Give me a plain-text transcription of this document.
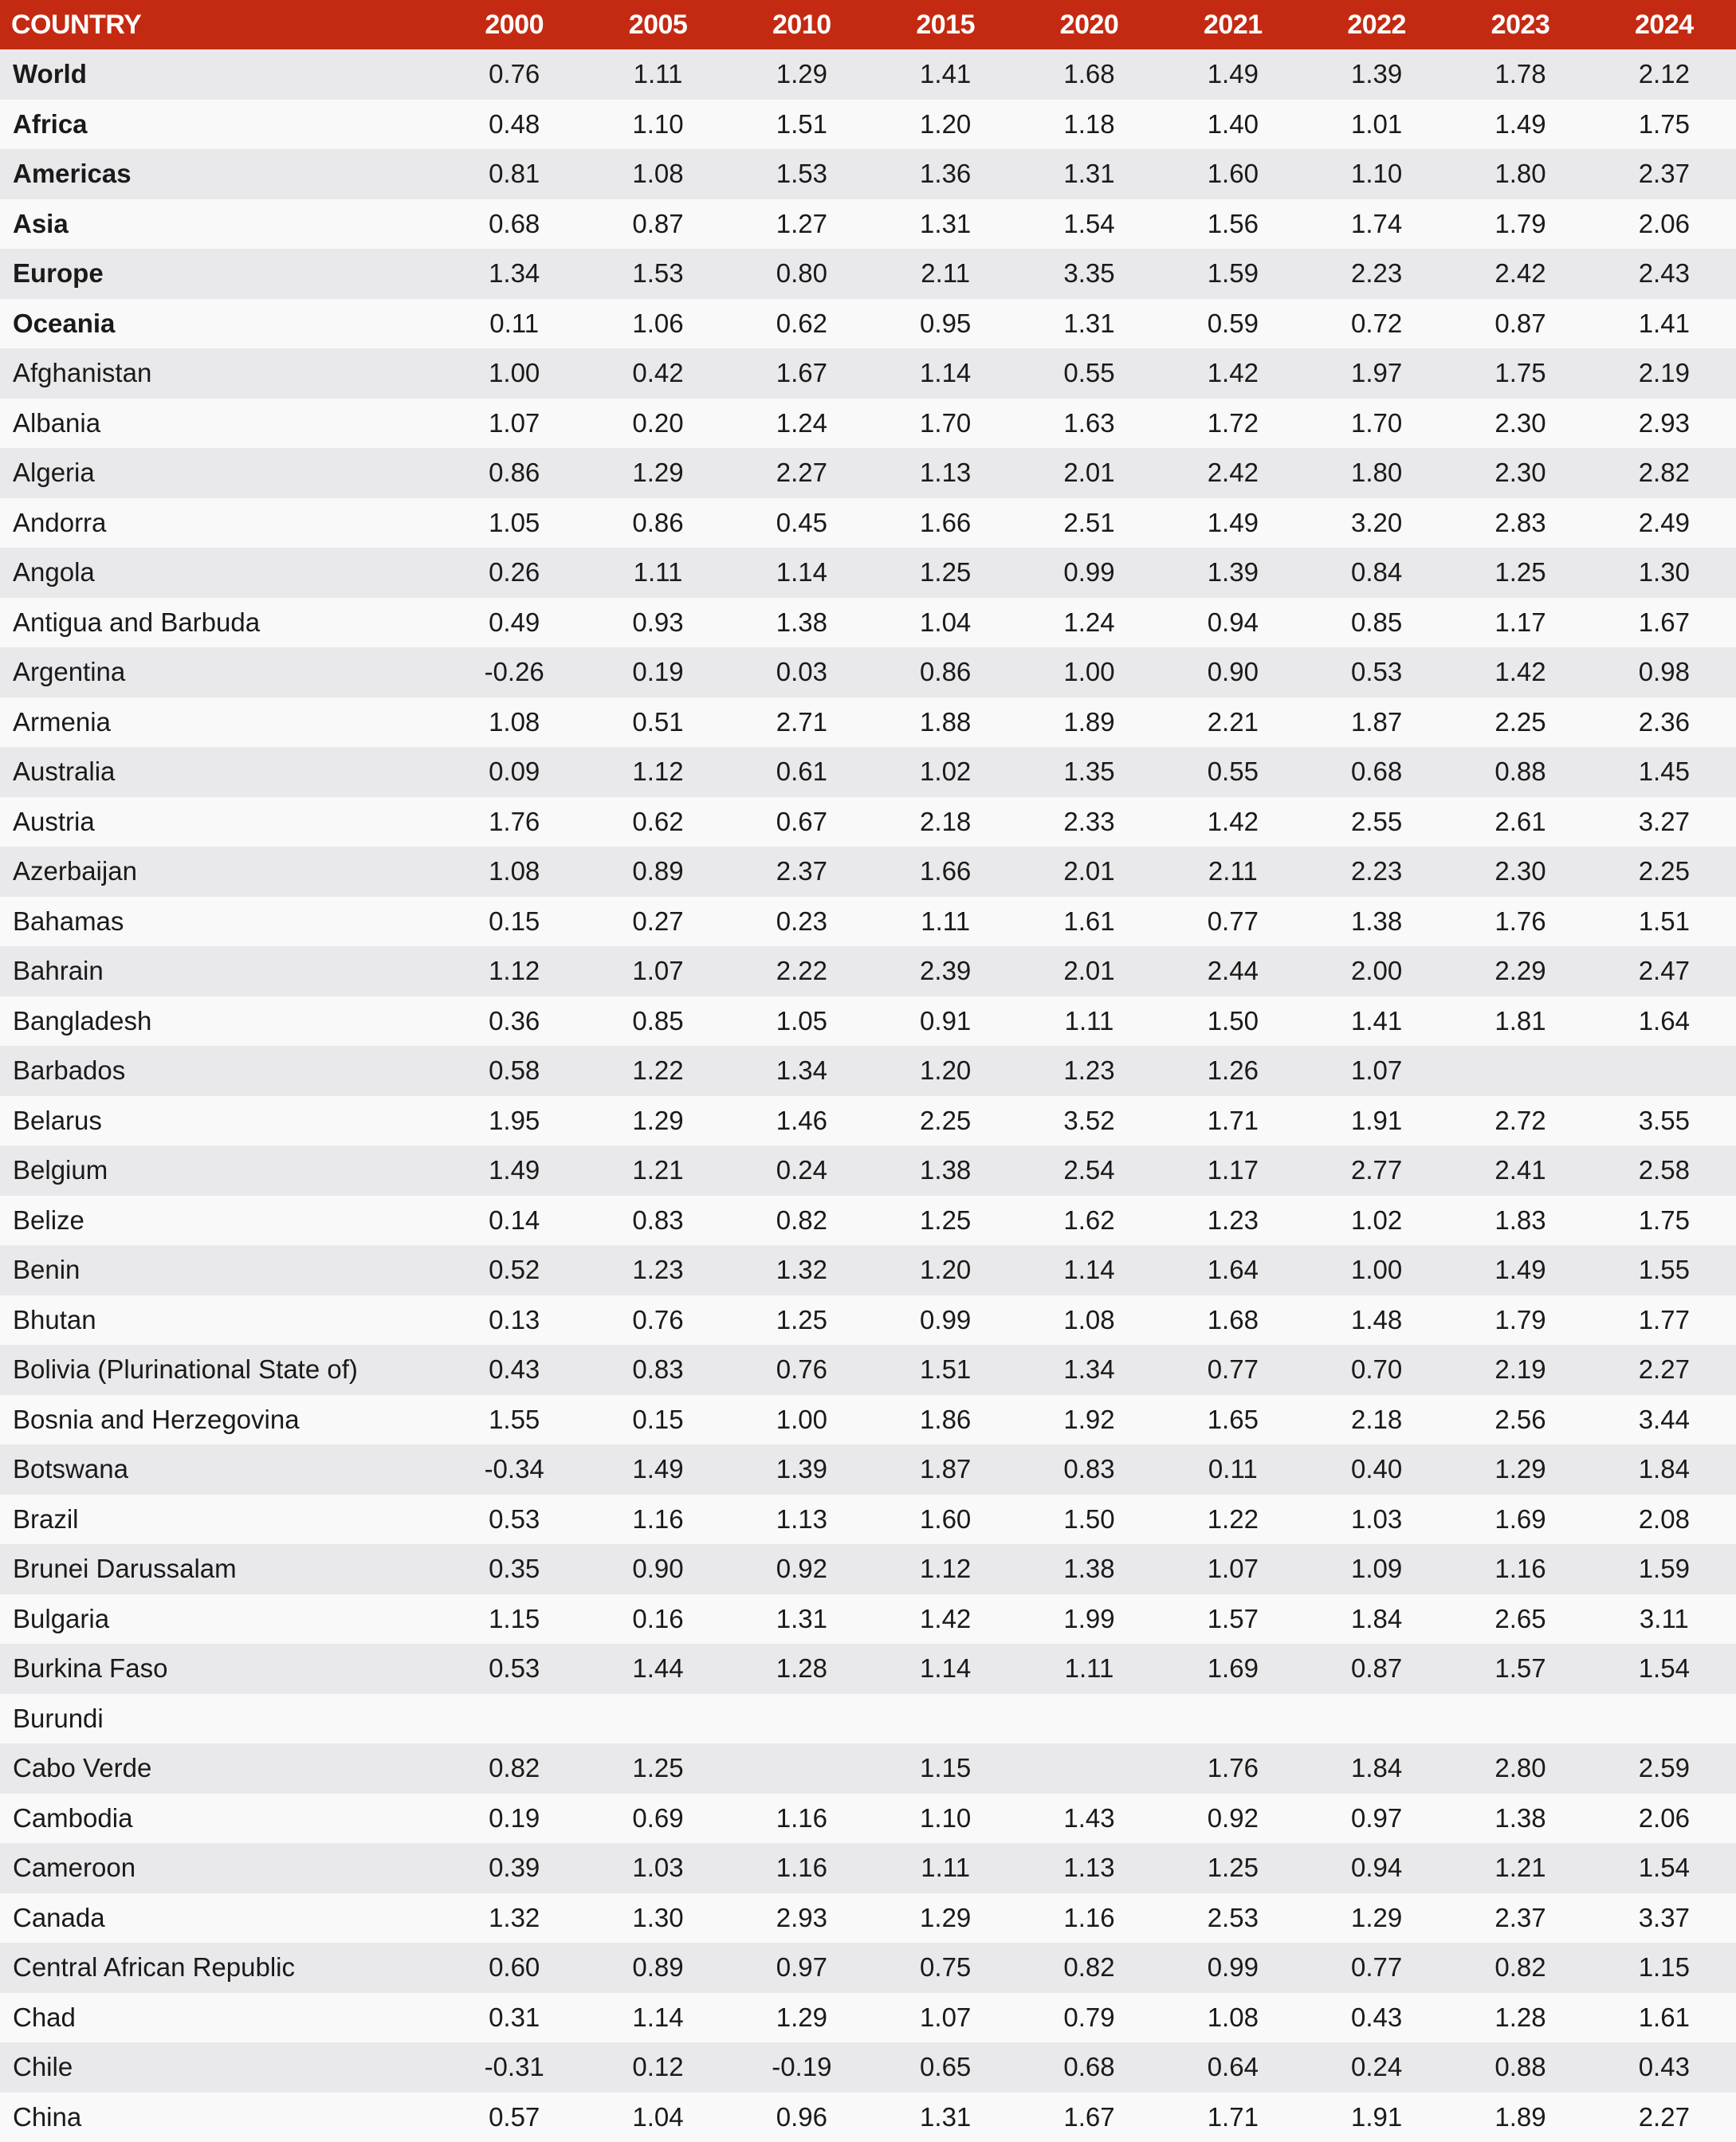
COUNTRY	2000	2005	2010	2015	2020	2021	2022	2023	2024
World	0.76	1.11	1.29	1.41	1.68	1.49	1.39	1.78	2.12
Africa	0.48	1.10	1.51	1.20	1.18	1.40	1.01	1.49	1.75
Americas	0.81	1.08	1.53	1.36	1.31	1.60	1.10	1.80	2.37
Asia	0.68	0.87	1.27	1.31	1.54	1.56	1.74	1.79	2.06
Europe	1.34	1.53	0.80	2.11	3.35	1.59	2.23	2.42	2.43
Oceania	0.11	1.06	0.62	0.95	1.31	0.59	0.72	0.87	1.41
Afghanistan	1.00	0.42	1.67	1.14	0.55	1.42	1.97	1.75	2.19
Albania	1.07	0.20	1.24	1.70	1.63	1.72	1.70	2.30	2.93
Algeria	0.86	1.29	2.27	1.13	2.01	2.42	1.80	2.30	2.82
Andorra	1.05	0.86	0.45	1.66	2.51	1.49	3.20	2.83	2.49
Angola	0.26	1.11	1.14	1.25	0.99	1.39	0.84	1.25	1.30
Antigua and Barbuda	0.49	0.93	1.38	1.04	1.24	0.94	0.85	1.17	1.67
Argentina	-0.26	0.19	0.03	0.86	1.00	0.90	0.53	1.42	0.98
Armenia	1.08	0.51	2.71	1.88	1.89	2.21	1.87	2.25	2.36
Australia	0.09	1.12	0.61	1.02	1.35	0.55	0.68	0.88	1.45
Austria	1.76	0.62	0.67	2.18	2.33	1.42	2.55	2.61	3.27
Azerbaijan	1.08	0.89	2.37	1.66	2.01	2.11	2.23	2.30	2.25
Bahamas	0.15	0.27	0.23	1.11	1.61	0.77	1.38	1.76	1.51
Bahrain	1.12	1.07	2.22	2.39	2.01	2.44	2.00	2.29	2.47
Bangladesh	0.36	0.85	1.05	0.91	1.11	1.50	1.41	1.81	1.64
Barbados	0.58	1.22	1.34	1.20	1.23	1.26	1.07		
Belarus	1.95	1.29	1.46	2.25	3.52	1.71	1.91	2.72	3.55
Belgium	1.49	1.21	0.24	1.38	2.54	1.17	2.77	2.41	2.58
Belize	0.14	0.83	0.82	1.25	1.62	1.23	1.02	1.83	1.75
Benin	0.52	1.23	1.32	1.20	1.14	1.64	1.00	1.49	1.55
Bhutan	0.13	0.76	1.25	0.99	1.08	1.68	1.48	1.79	1.77
Bolivia (Plurinational State of)	0.43	0.83	0.76	1.51	1.34	0.77	0.70	2.19	2.27
Bosnia and Herzegovina	1.55	0.15	1.00	1.86	1.92	1.65	2.18	2.56	3.44
Botswana	-0.34	1.49	1.39	1.87	0.83	0.11	0.40	1.29	1.84
Brazil	0.53	1.16	1.13	1.60	1.50	1.22	1.03	1.69	2.08
Brunei Darussalam	0.35	0.90	0.92	1.12	1.38	1.07	1.09	1.16	1.59
Bulgaria	1.15	0.16	1.31	1.42	1.99	1.57	1.84	2.65	3.11
Burkina Faso	0.53	1.44	1.28	1.14	1.11	1.69	0.87	1.57	1.54
Burundi									
Cabo Verde	0.82	1.25		1.15		1.76	1.84	2.80	2.59
Cambodia	0.19	0.69	1.16	1.10	1.43	0.92	0.97	1.38	2.06
Cameroon	0.39	1.03	1.16	1.11	1.13	1.25	0.94	1.21	1.54
Canada	1.32	1.30	2.93	1.29	1.16	2.53	1.29	2.37	3.37
Central African Republic	0.60	0.89	0.97	0.75	0.82	0.99	0.77	0.82	1.15
Chad	0.31	1.14	1.29	1.07	0.79	1.08	0.43	1.28	1.61
Chile	-0.31	0.12	-0.19	0.65	0.68	0.64	0.24	0.88	0.43
China	0.57	1.04	0.96	1.31	1.67	1.71	1.91	1.89	2.27
